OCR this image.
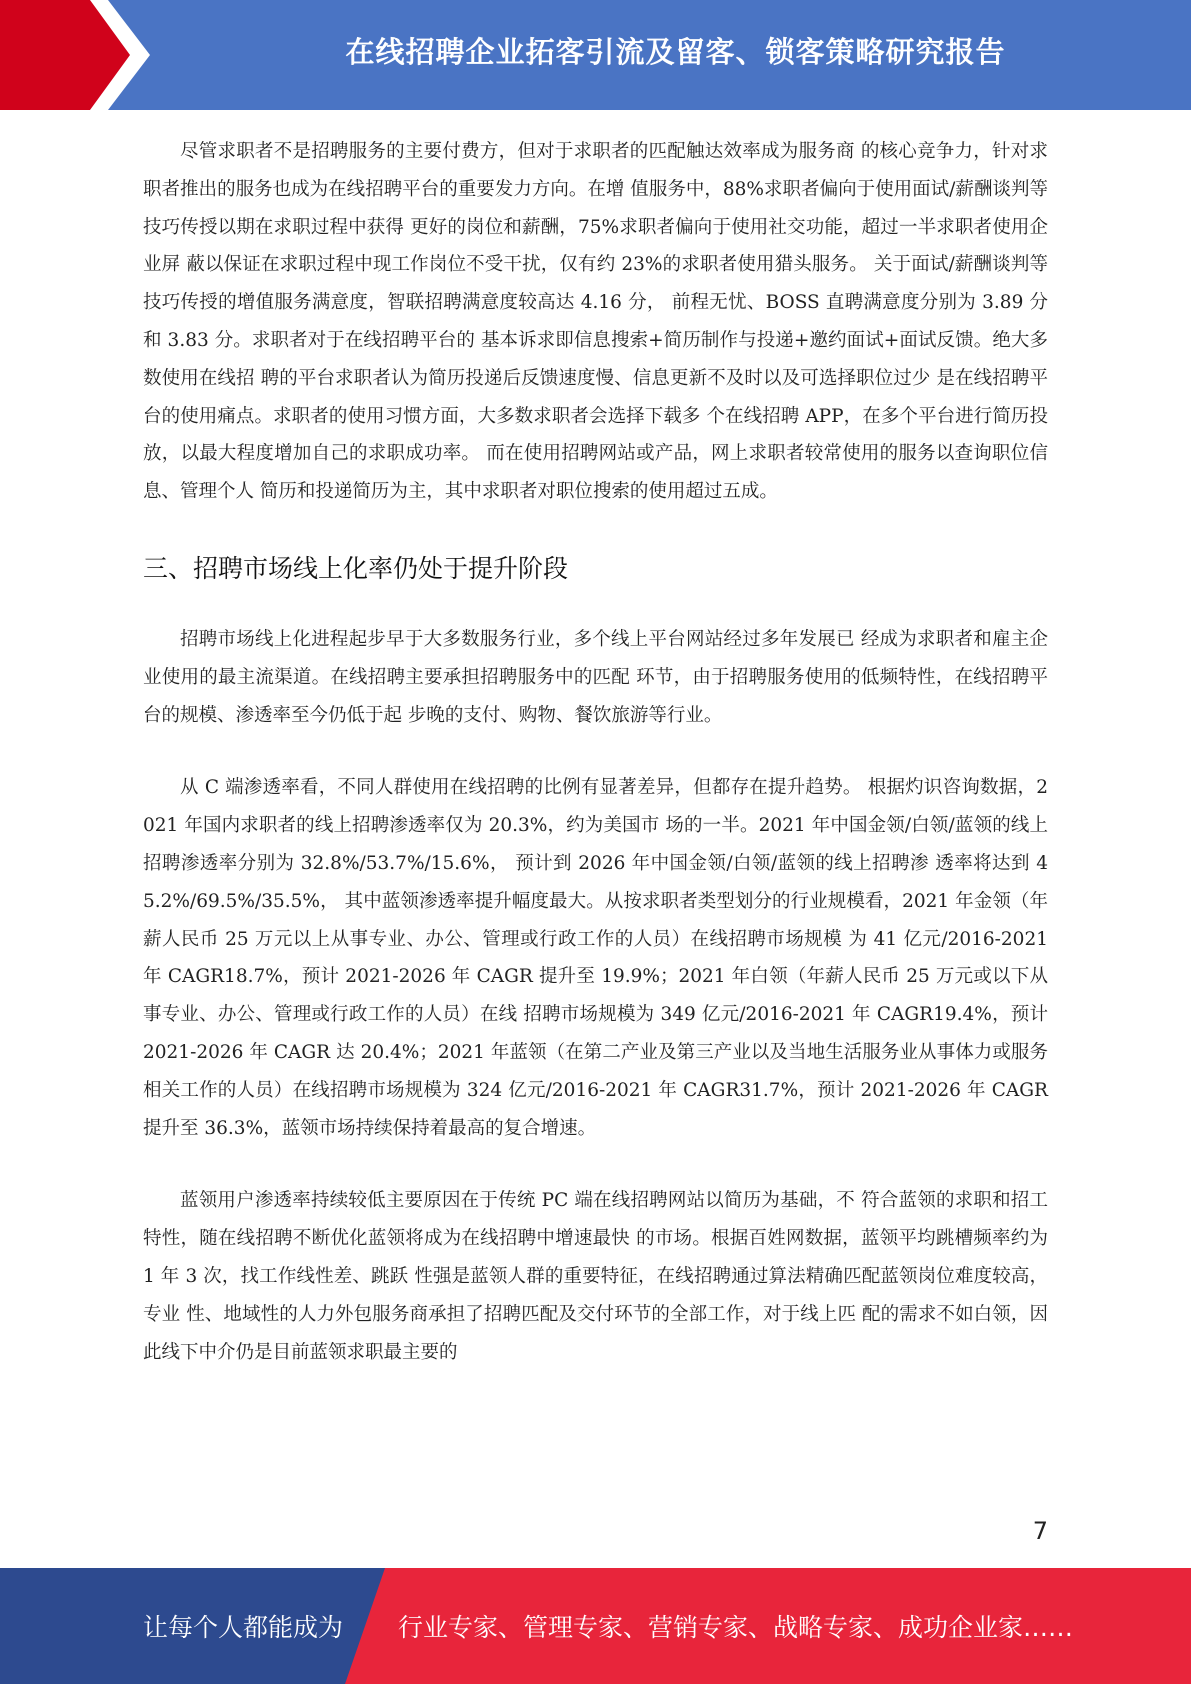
在线招聘企业拓客引流及留客、锁客策略研究报告

尽管求职者不是招聘服务的主要付费方，但对于求职者的匹配触达效率成为服务商 的核心竞争力，针对求职者推出的服务也成为在线招聘平台的重要发力方向。在增 值服务中，88%求职者偏向于使用面试/薪酬谈判等技巧传授以期在求职过程中获得 更好的岗位和薪酬，75%求职者偏向于使用社交功能，超过一半求职者使用企业屏 蔽以保证在求职过程中现工作岗位不受干扰，仅有约 23%的求职者使用猎头服务。 关于面试/薪酬谈判等技巧传授的增值服务满意度，智联招聘满意度较高达 4.16 分， 前程无忧、BOSS 直聘满意度分别为 3.89 分和 3.83 分。求职者对于在线招聘平台的 基本诉求即信息搜索+简历制作与投递+邀约面试+面试反馈。绝大多数使用在线招 聘的平台求职者认为简历投递后反馈速度慢、信息更新不及时以及可选择职位过少 是在线招聘平台的使用痛点。求职者的使用习惯方面，大多数求职者会选择下载多 个在线招聘 APP，在多个平台进行简历投放，以最大程度增加自己的求职成功率。 而在使用招聘网站或产品，网上求职者较常使用的服务以查询职位信息、管理个人 简历和投递简历为主，其中求职者对职位搜索的使用超过五成。

三、招聘市场线上化率仍处于提升阶段

招聘市场线上化进程起步早于大多数服务行业，多个线上平台网站经过多年发展已 经成为求职者和雇主企业使用的最主流渠道。在线招聘主要承担招聘服务中的匹配 环节，由于招聘服务使用的低频特性，在线招聘平台的规模、渗透率至今仍低于起 步晚的支付、购物、餐饮旅游等行业。

从 C 端渗透率看，不同人群使用在线招聘的比例有显著差异，但都存在提升趋势。 根据灼识咨询数据，2021 年国内求职者的线上招聘渗透率仅为 20.3%，约为美国市 场的一半。2021 年中国金领/白领/蓝领的线上招聘渗透率分别为 32.8%/53.7%/15.6%， 预计到 2026 年中国金领/白领/蓝领的线上招聘渗 透率将达到 45.2%/69.5%/35.5%， 其中蓝领渗透率提升幅度最大。从按求职者类型划分的行业规模看，2021 年金领（年 薪人民币 25 万元以上从事专业、办公、管理或行政工作的人员）在线招聘市场规模 为 41 亿元/2016-2021 年 CAGR18.7%，预计 2021-2026 年 CAGR 提升至 19.9%；2021 年白领（年薪人民币 25 万元或以下从事专业、办公、管理或行政工作的人员）在线 招聘市场规模为 349 亿元/2016-2021 年 CAGR19.4%，预计 2021-2026 年 CAGR 达 20.4%；2021 年蓝领（在第二产业及第三产业以及当地生活服务业从事体力或服务 相关工作的人员）在线招聘市场规模为 324 亿元/2016-2021 年 CAGR31.7%，预计 2021-2026 年 CAGR 提升至 36.3%，蓝领市场持续保持着最高的复合增速。

蓝领用户渗透率持续较低主要原因在于传统 PC 端在线招聘网站以简历为基础，不 符合蓝领的求职和招工特性，随在线招聘不断优化蓝领将成为在线招聘中增速最快 的市场。根据百姓网数据，蓝领平均跳槽频率约为 1 年 3 次，找工作线性差、跳跃 性强是蓝领人群的重要特征，在线招聘通过算法精确匹配蓝领岗位难度较高，专业 性、地域性的人力外包服务商承担了招聘匹配及交付环节的全部工作，对于线上匹 配的需求不如白领，因此线下中介仍是目前蓝领求职最主要的

7
让每个人都能成为 行业专家、管理专家、营销专家、战略专家、成功企业家……
